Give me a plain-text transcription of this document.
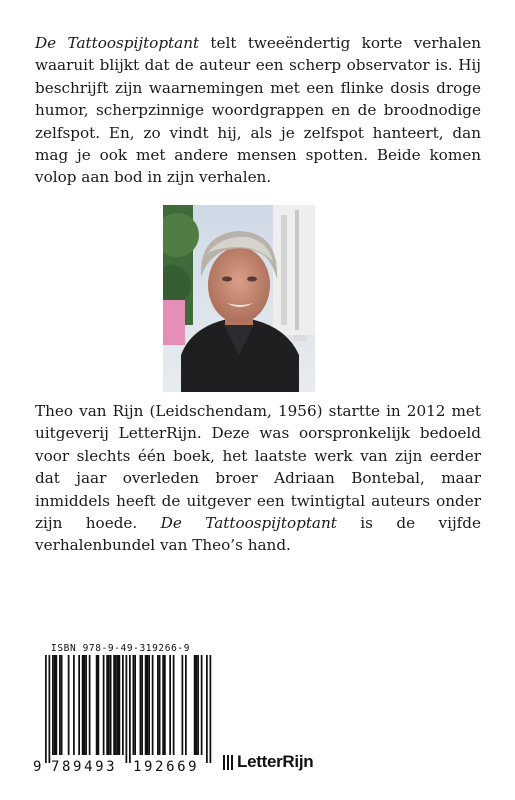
De Tattoospijtoptant telt tweeëndertig korte verhalen waaruit blijkt dat de auteur een scherp observator is. Hij beschrijft zijn waarnemingen met een flinke dosis droge humor, scherpzinnige woordgrappen en de broodnodige zelfspot. En, zo vindt hij, als je zelfspot hanteert, dan mag je ook met andere mensen spotten. Beide komen volop aan bod in zijn verhalen.

Theo van Rijn (Leidschendam, 1956) startte in 2012 met uitgeverij LetterRijn. Deze was oorspronkelijk bedoeld voor slechts één boek, het laatste werk van zijn eerder dat jaar overleden broer Adriaan Bontebal, maar inmiddels heeft de uitgever een twintigtal auteurs onder zijn hoede. De Tattoospijtoptant is de vijfde verhalenbundel van Theo’s hand.

ISBN 978-9-49-319266-9
9 789493 192669 LetterRijn
